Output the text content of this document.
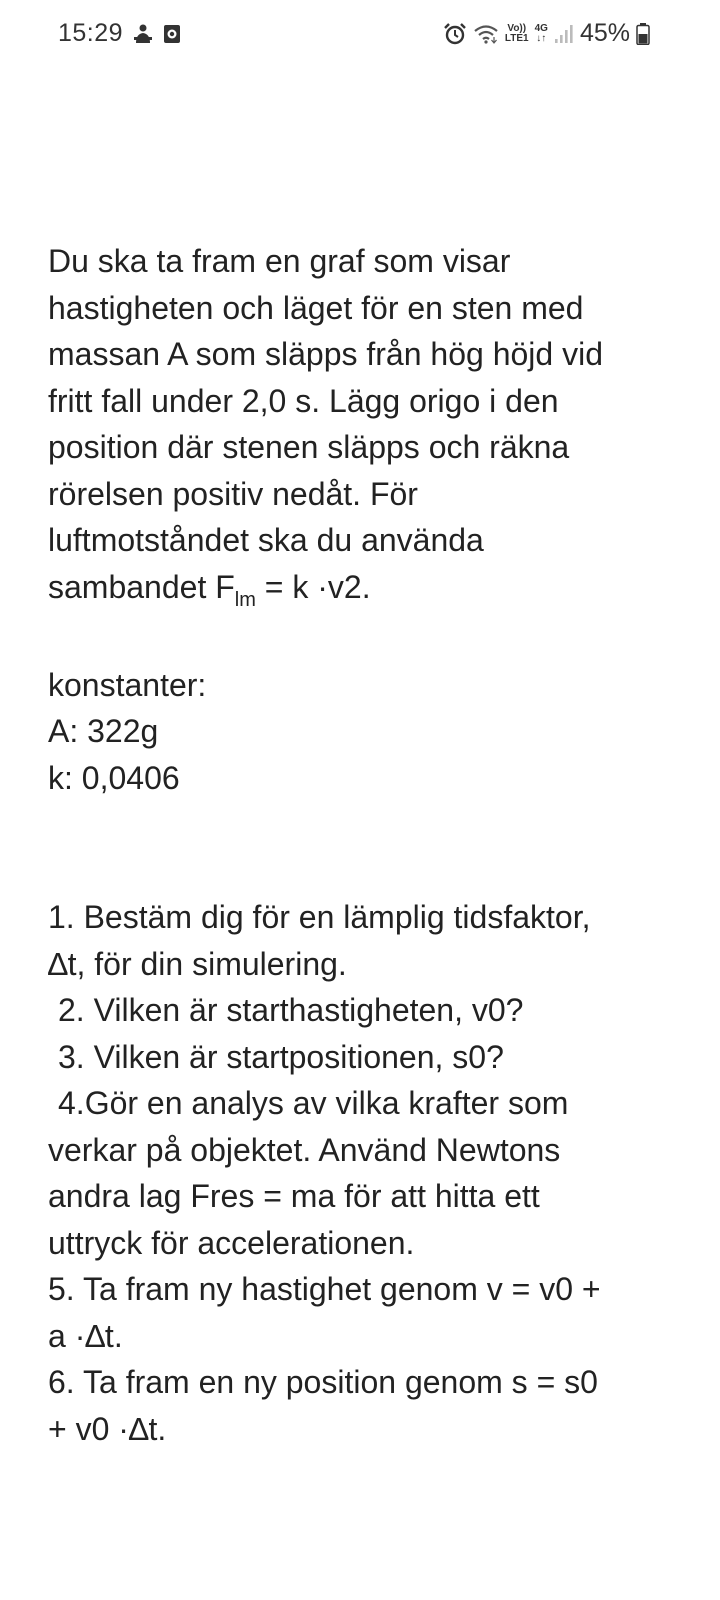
15:29	Vo))
LTE1
4G
↓↑ 45%

Du ska ta fram en graf som visar

hastigheten och läget för en sten med

massan A som släpps från hög höjd vid

fritt fall under 2,0 s. Lägg origo i den

position där stenen släpps och räkna

rörelsen positiv nedåt. För

luftmotståndet ska du använda

sambandet $F_{lm} = k \cdot v2$.

konstanter:

A: 322g

k: 0,0406

1. Bestäm dig för en lämplig tidsfaktor,

∆t, för din simulering.

2. Vilken är starthastigheten, v0?

3. Vilken är startpositionen, s0?

4.Gör en analys av vilka krafter som

verkar på objektet. Använd Newtons

andra lag Fres = ma för att hitta ett

uttryck för accelerationen.

5. Ta fram ny hastighet genom v = v0 +

a ·∆t.

6. Ta fram en ny position genom s = s0

+ v0 ·∆t.
